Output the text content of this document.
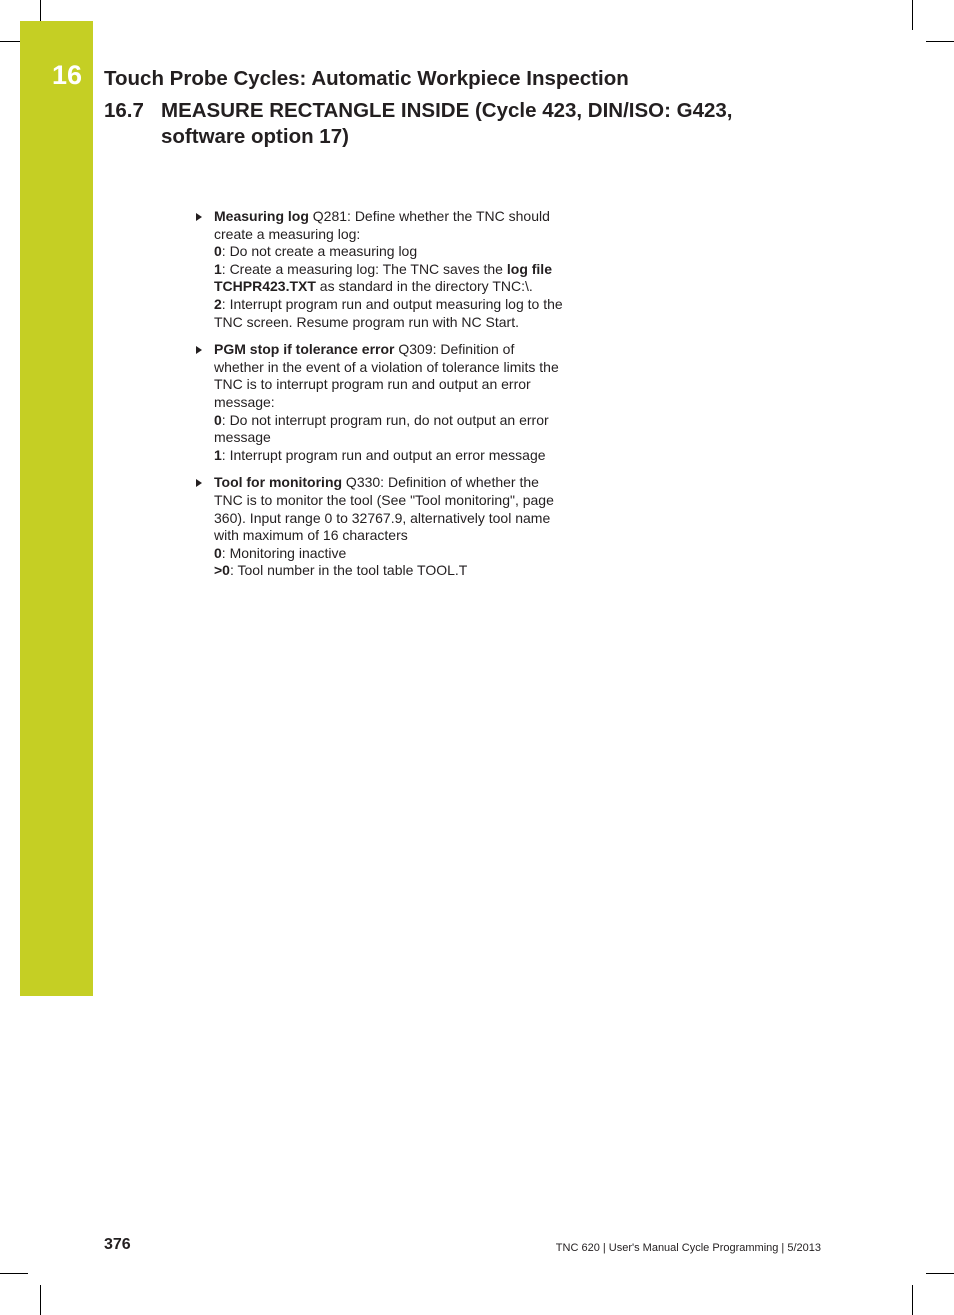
16 Touch Probe Cycles: Automatic Workpiece Inspection
16.7 MEASURE RECTANGLE INSIDE (Cycle 423, DIN/ISO: G423,
software option 17)
Measuring log Q281: Define whether the TNC should create a measuring log:
0: Do not create a measuring log
1: Create a measuring log: The TNC saves the log file TCHPR423.TXT as standard in the directory TNC:\.
2: Interrupt program run and output measuring log to the TNC screen. Resume program run with NC Start.
PGM stop if tolerance error Q309: Definition of whether in the event of a violation of tolerance limits the TNC is to interrupt program run and output an error message:
0: Do not interrupt program run, do not output an error message
1: Interrupt program run and output an error message
Tool for monitoring Q330: Definition of whether the TNC is to monitor the tool (See "Tool monitoring", page 360). Input range 0 to 32767.9, alternatively tool name with maximum of 16 characters
0: Monitoring inactive
>0: Tool number in the tool table TOOL.T
376	TNC 620 | User's Manual Cycle Programming | 5/2013
